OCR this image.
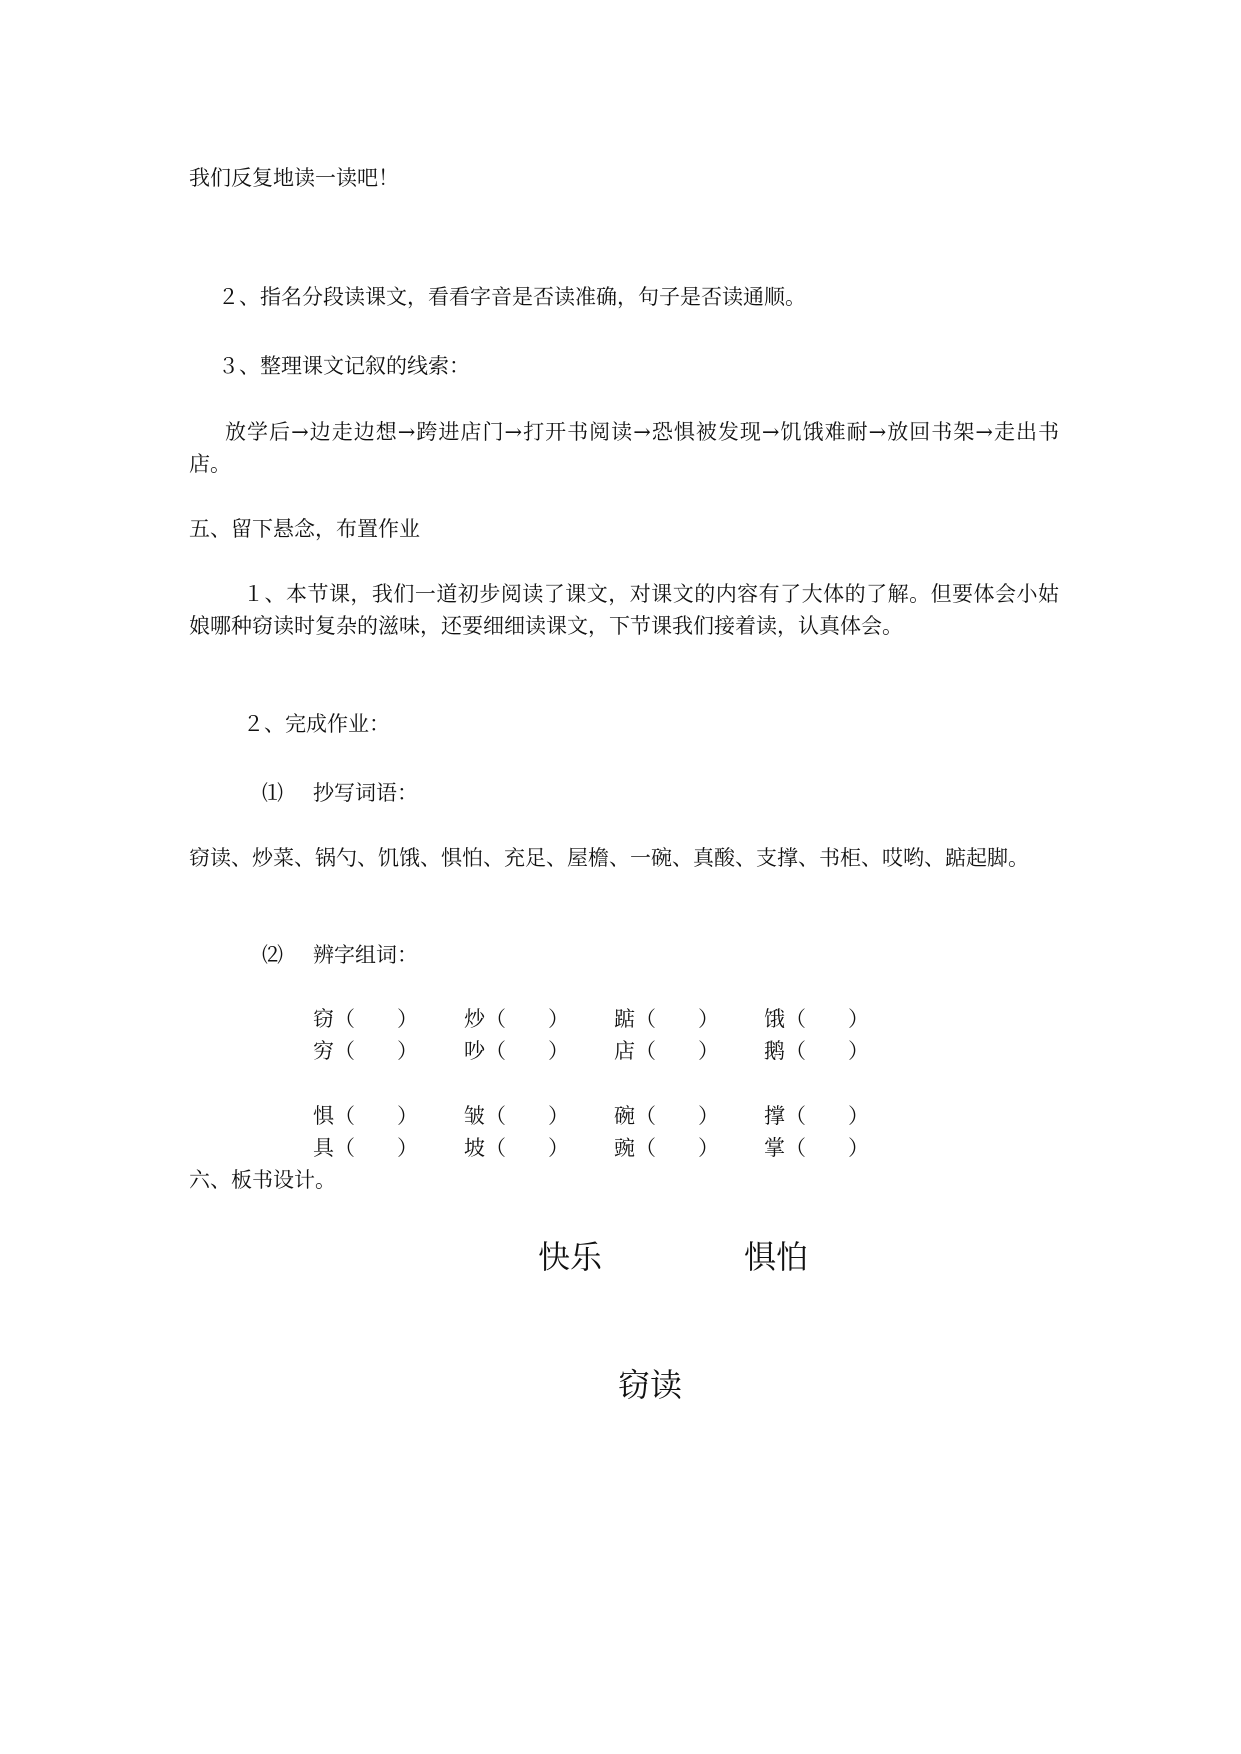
我们反复地读一读吧！
２、指名分段读课文，看看字音是否读准确，句子是否读通顺。
３、整理课文记叙的线索：
放学后→边走边想→跨进店门→打开书阅读→恐惧被发现→饥饿难耐→放回书架→走出书店。
五、留下悬念，布置作业
１、本节课，我们一道初步阅读了课文，对课文的内容有了大体的了解。但要体会小姑娘哪种窃读时复杂的滋味，还要细细读课文，下节课我们接着读，认真体会。
２、完成作业：
⑴ 抄写词语：
窃读、炒菜、锅勺、饥饿、惧怕、充足、屋檐、一碗、真酸、支撑、书柜、哎哟、踮起脚。
⑵ 辨字组词：
窃（　　） 炒（　　） 踮（　　） 饿（　　）
穷（　　） 吵（　　） 店（　　） 鹅（　　）
惧（　　） 皱（　　） 碗（　　） 撑（　　）
具（　　） 坡（　　） 豌（　　） 掌（　　）
六、板书设计。
快乐	惧怕
窃读
